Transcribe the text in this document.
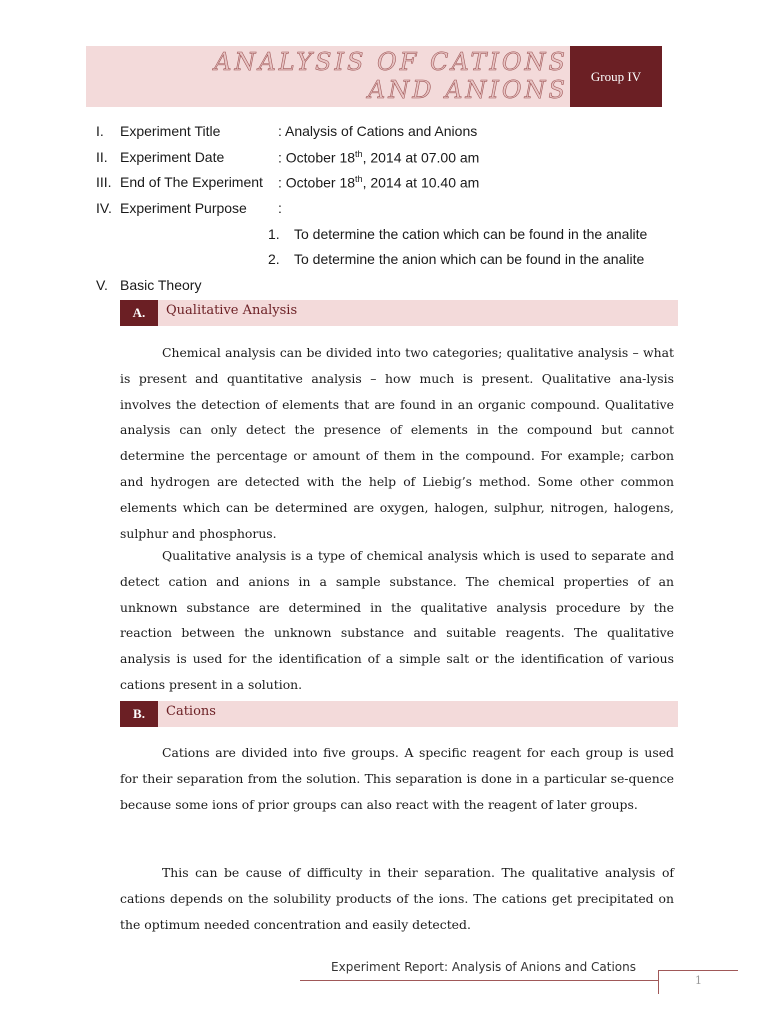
ANALYSIS OF CATIONS AND ANIONS	Group IV
I.	Experiment Title	: Analysis of Cations and Anions
II. Experiment Date	: October 18th, 2014 at 07.00 am
III. End of The Experiment : October 18th, 2014 at 10.40 am
IV. Experiment Purpose :
1. To determine the cation which can be found in the analite
2. To determine the anion which can be found in the analite
V. Basic Theory
A.	Qualitative Analysis
Chemical analysis can be divided into two categories; qualitative analysis – what is present and quantitative analysis – how much is present. Qualitative ana-lysis involves the detection of elements that are found in an organic compound. Qualitative analysis can only detect the presence of elements in the compound but cannot determine the percentage or amount of them in the compound. For example; carbon and hydrogen are detected with the help of Liebig’s method. Some other common elements which can be determined are oxygen, halogen, sulphur, nitrogen, halogens, sulphur and phosphorus.
Qualitative analysis is a type of chemical analysis which is used to separate and detect cation and anions in a sample substance. The chemical properties of an unknown substance are determined in the qualitative analysis procedure by the reaction between the unknown substance and suitable reagents. The qualitative analysis is used for the identification of a simple salt or the identification of various cations present in a solution.
B.	Cations
Cations are divided into five groups. A specific reagent for each group is used for their separation from the solution. This separation is done in a particular se-quence because some ions of prior groups can also react with the reagent of later groups.
This can be cause of difficulty in their separation. The qualitative analysis of cations depends on the solubility products of the ions. The cations get precipitated on the optimum needed concentration and easily detected.
Experiment Report: Analysis of Anions and Cations
1
